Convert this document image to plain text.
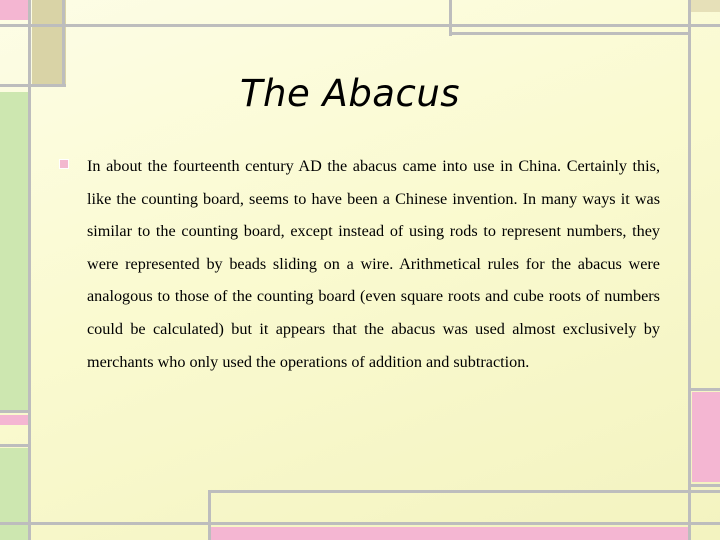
The Abacus

In about the fourteenth century AD the abacus came into use in China. Certainly this, like the counting board, seems to have been a Chinese invention. In many ways it was similar to the counting board, except instead of using rods to represent numbers, they were represented by beads sliding on a wire. Arithmetical rules for the abacus were analogous to those of the counting board (even square roots and cube roots of numbers could be calculated) but it appears that the abacus was used almost exclusively by merchants who only used the operations of addition and subtraction.
